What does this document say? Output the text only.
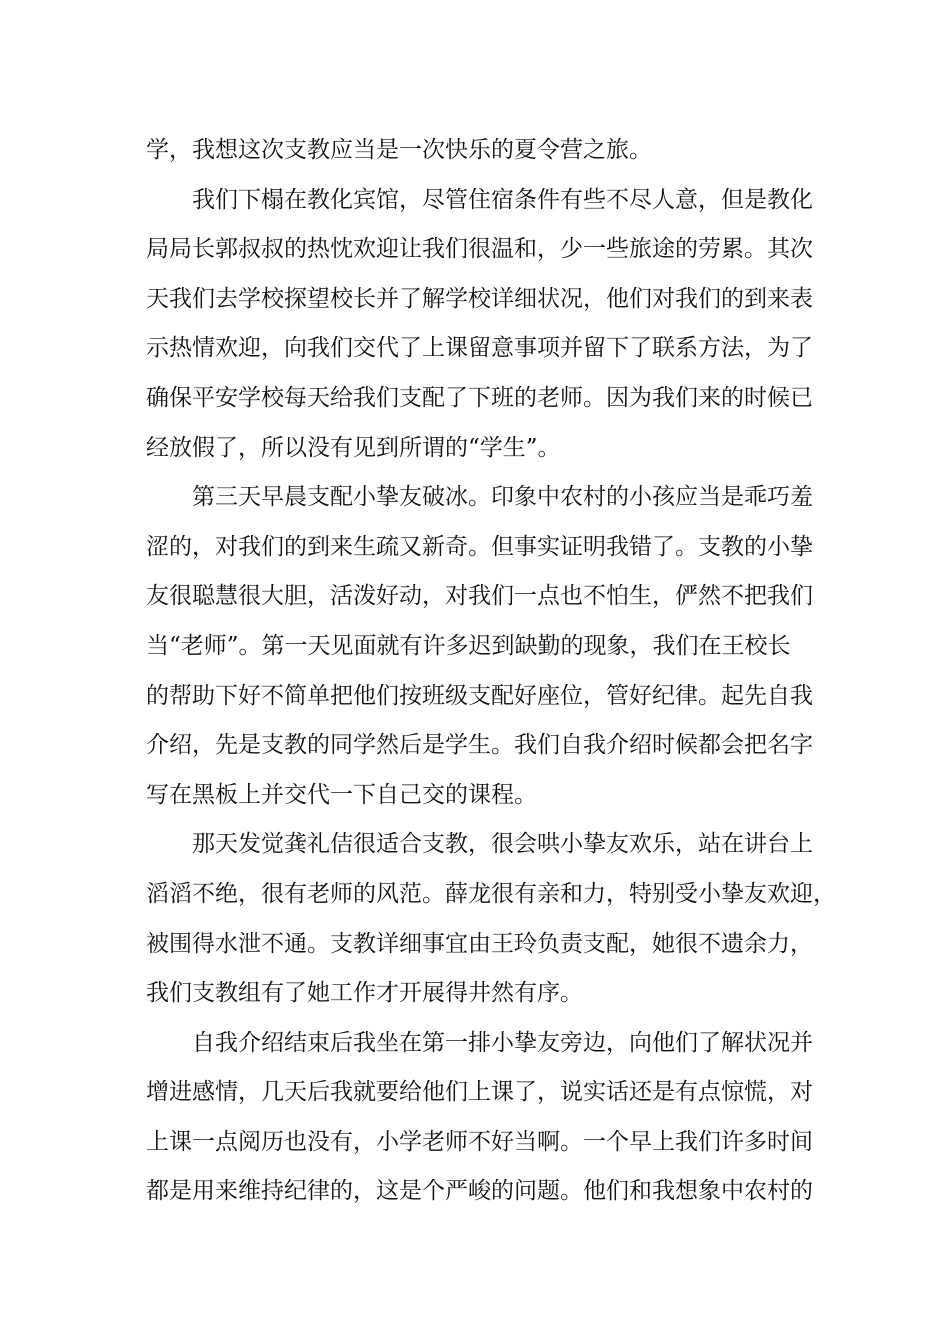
学，我想这次支教应当是一次快乐的夏令营之旅。
我们下榻在教化宾馆，尽管住宿条件有些不尽人意，但是教化
局局长郭叔叔的热忱欢迎让我们很温和，少一些旅途的劳累。其次
天我们去学校探望校长并了解学校详细状况，他们对我们的到来表
示热情欢迎，向我们交代了上课留意事项并留下了联系方法，为了
确保平安学校每天给我们支配了下班的老师。因为我们来的时候已
经放假了，所以没有见到所谓的“学生”。
第三天早晨支配小挚友破冰。印象中农村的小孩应当是乖巧羞
涩的，对我们的到来生疏又新奇。但事实证明我错了。支教的小挚
友很聪慧很大胆，活泼好动，对我们一点也不怕生，俨然不把我们
当“老师”。第一天见面就有许多迟到缺勤的现象，我们在王校长
的帮助下好不简单把他们按班级支配好座位，管好纪律。起先自我
介绍，先是支教的同学然后是学生。我们自我介绍时候都会把名字
写在黑板上并交代一下自己交的课程。
那天发觉龚礼佶很适合支教，很会哄小挚友欢乐，站在讲台上
滔滔不绝，很有老师的风范。薛龙很有亲和力，特别受小挚友欢迎，
被围得水泄不通。支教详细事宜由王玲负责支配，她很不遗余力，
我们支教组有了她工作才开展得井然有序。
自我介绍结束后我坐在第一排小挚友旁边，向他们了解状况并
增进感情，几天后我就要给他们上课了，说实话还是有点惊慌，对
上课一点阅历也没有，小学老师不好当啊。一个早上我们许多时间
都是用来维持纪律的，这是个严峻的问题。他们和我想象中农村的
